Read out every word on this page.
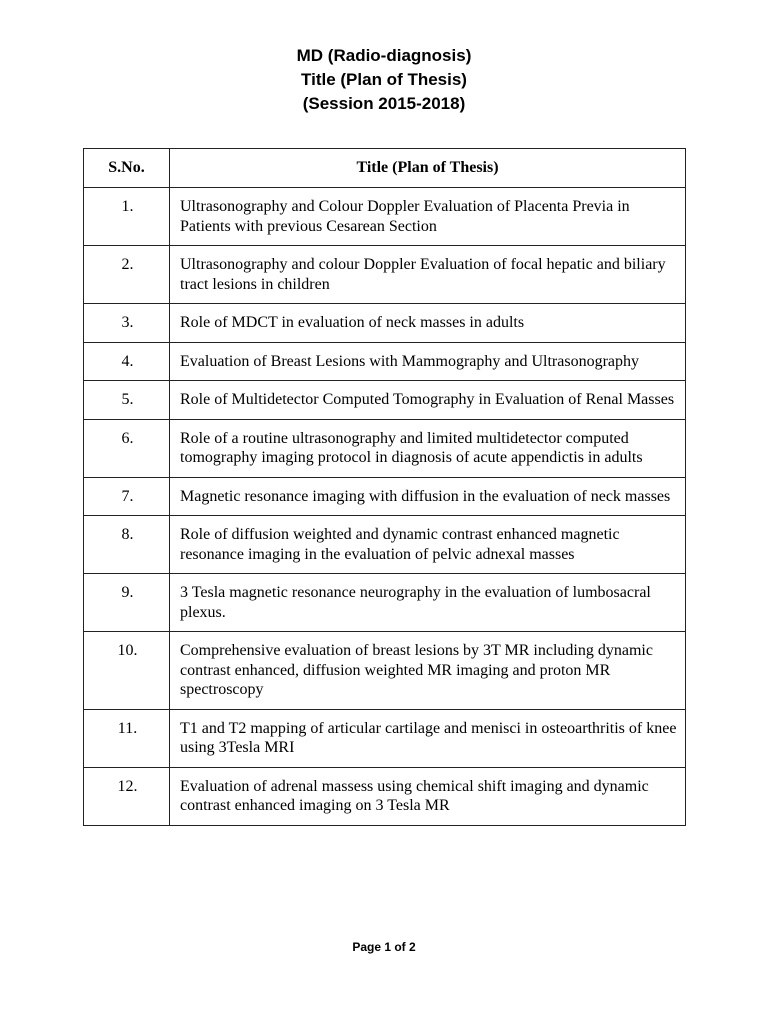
MD (Radio-diagnosis)
Title (Plan of Thesis)
(Session 2015-2018)
S.No.	Title (Plan of Thesis)
1.	Ultrasonography and Colour Doppler Evaluation of Placenta Previa in Patients with previous Cesarean Section
2.	Ultrasonography and colour Doppler Evaluation of focal hepatic and biliary tract lesions in children
3.	Role of MDCT in evaluation of neck masses in adults
4.	Evaluation of Breast Lesions with Mammography and Ultrasonography
5.	Role of Multidetector Computed Tomography in Evaluation of Renal Masses
6.	Role of a routine ultrasonography and limited multidetector computed tomography imaging protocol in diagnosis of acute appendictis in adults
7.	Magnetic resonance imaging with diffusion in the evaluation of neck masses
8.	Role of diffusion weighted and dynamic contrast enhanced magnetic resonance imaging in the evaluation of pelvic adnexal masses
9.	3 Tesla magnetic resonance neurography in the evaluation of lumbosacral plexus.
10.	Comprehensive evaluation of breast lesions by 3T MR including dynamic contrast enhanced, diffusion weighted MR imaging and proton MR spectroscopy
11.	T1 and T2 mapping of articular cartilage and menisci in osteoarthritis of knee using 3Tesla MRI
12.	Evaluation of adrenal massess using chemical shift imaging and dynamic contrast enhanced imaging on 3 Tesla MR
Page 1 of 2
